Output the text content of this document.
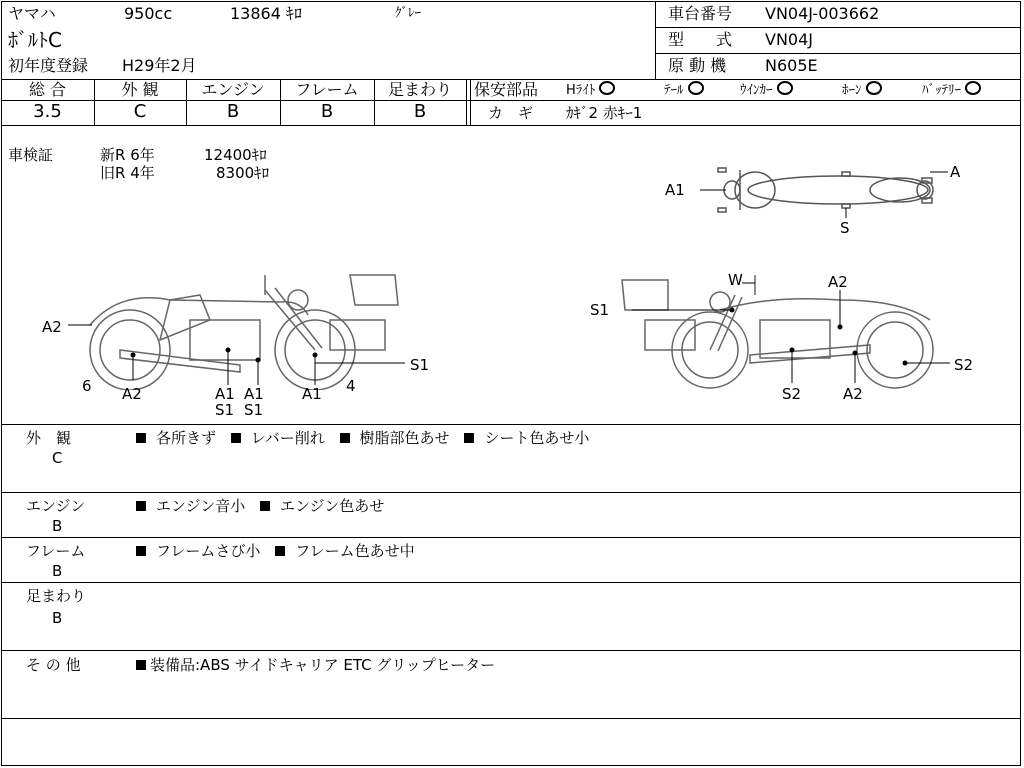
ヤマハ	950cc	13864 ｷﾛ	ｸﾞﾚｰ
ﾎﾞﾙﾄC
初年度登録 H29年2月
車台番号 VN04J-003662
型　　式 VN04J
原 動 機 N605E
総 合	外 観	エンジン	フレーム	足まわり
3.5	C	B	B	B
保安部品 Hﾗｲﾄ	ﾃｰﾙ	ｳｲﾝｶｰ	ﾎｰﾝ	ﾊﾞｯﾃﾘｰ
カ　ギ ｶｷﾞ2 赤ｷｰ1
車検証	新R 6年	12400ｷﾛ
旧R 4年	8300ｷﾛ
A1
A
S
A2
6 A2	A1
S1
A1
S1
A1 4
S1
W
S1
A2
S2	A2
S2
外　観
C
各所きず レバー削れ 樹脂部色あせ シート色あせ小
エンジン
B
エンジン音小 エンジン色あせ
フレーム
B
フレームさび小 フレーム色あせ中
足まわり
B
そ の 他	装備品:ABS サイドキャリア ETC グリップヒーター
